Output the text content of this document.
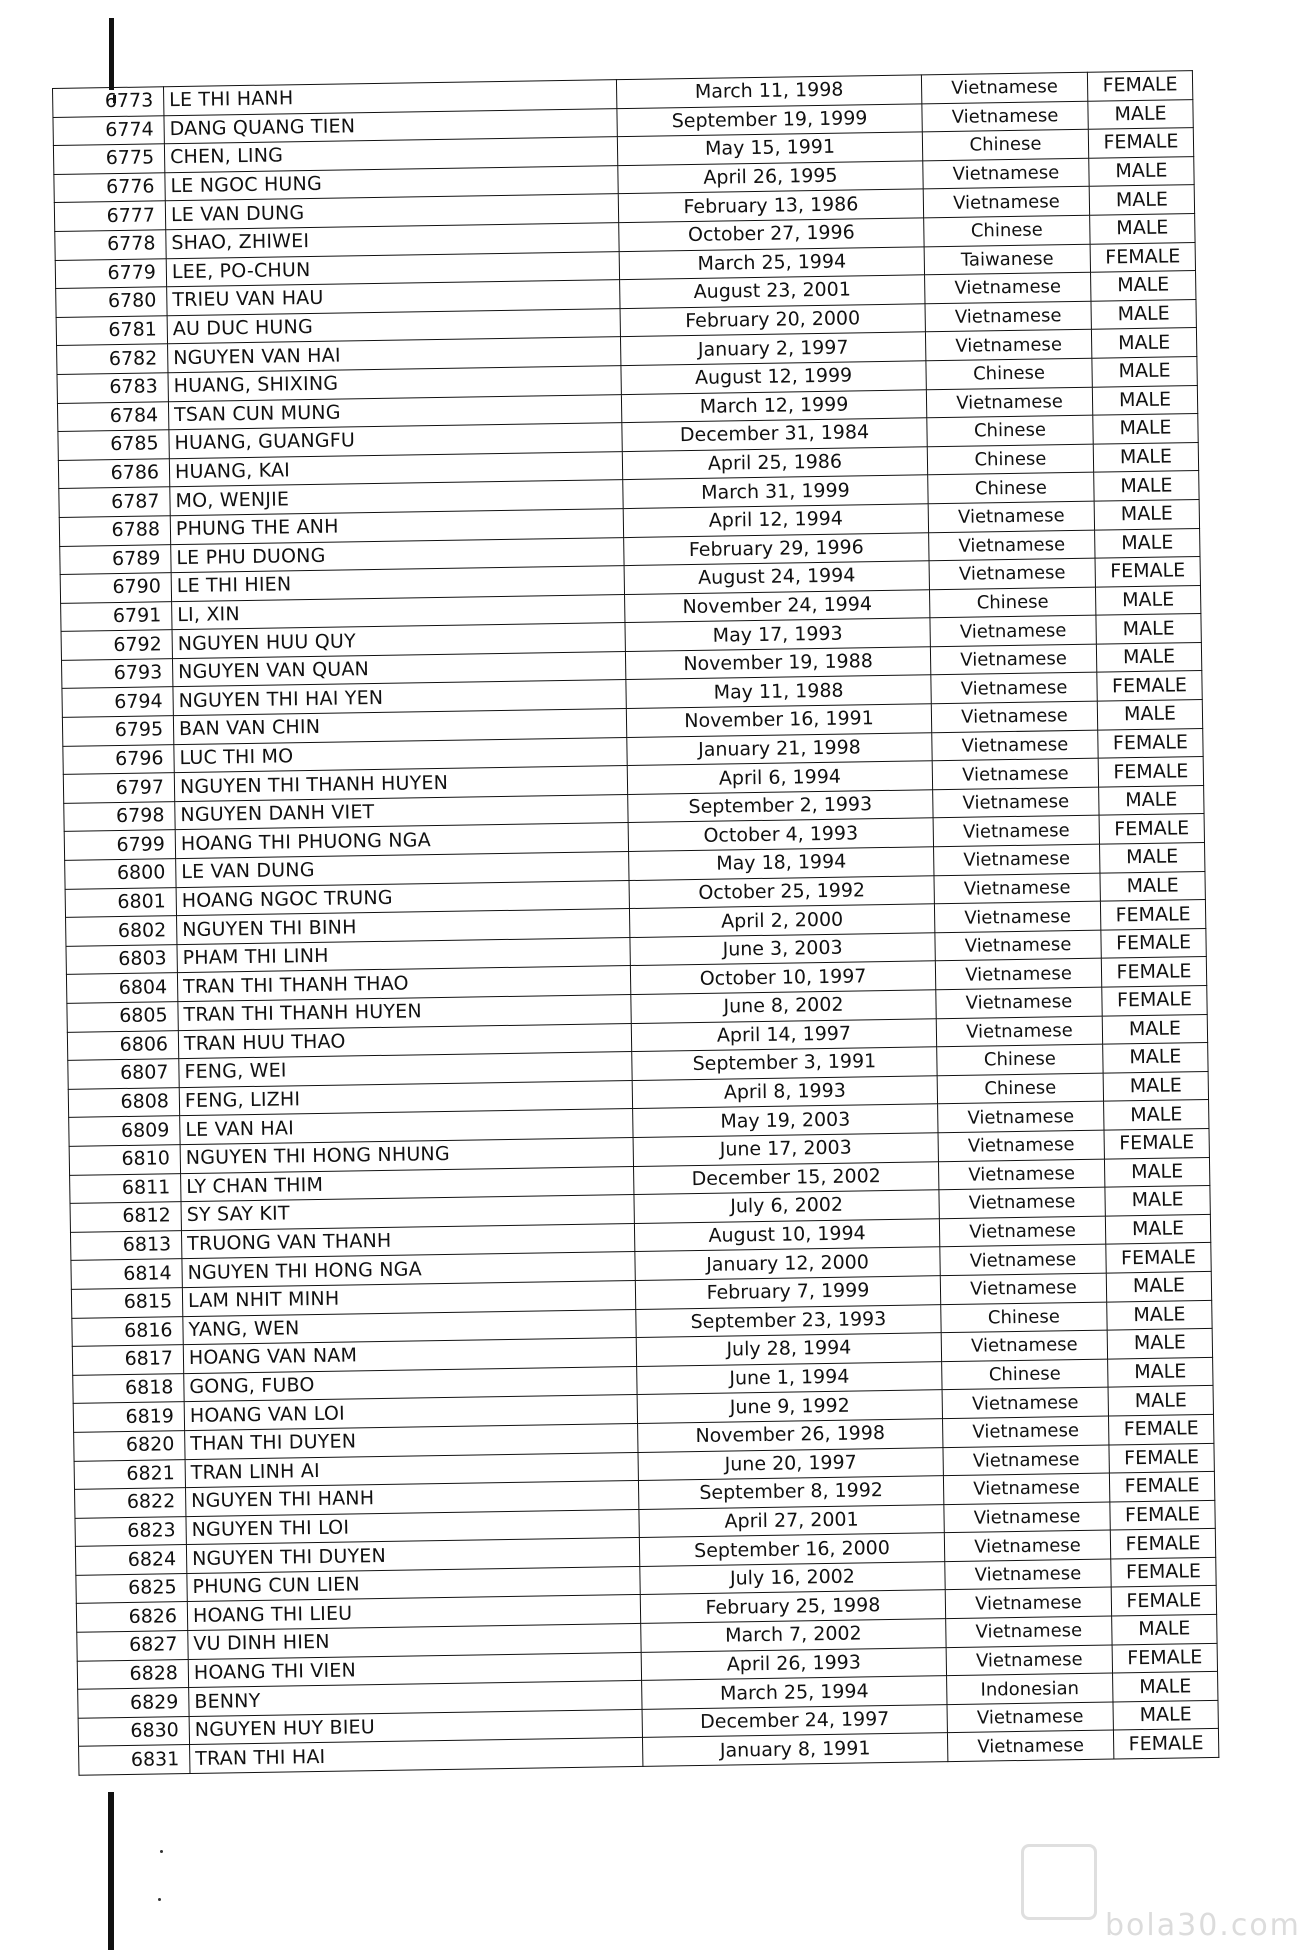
6773	LE THI HANH	March 11, 1998	Vietnamese	FEMALE
6774	DANG QUANG TIEN	September 19, 1999	Vietnamese	MALE
6775	CHEN, LING	May 15, 1991	Chinese	FEMALE
6776	LE NGOC HUNG	April 26, 1995	Vietnamese	MALE
6777	LE VAN DUNG	February 13, 1986	Vietnamese	MALE
6778	SHAO, ZHIWEI	October 27, 1996	Chinese	MALE
6779	LEE, PO-CHUN	March 25, 1994	Taiwanese	FEMALE
6780	TRIEU VAN HAU	August 23, 2001	Vietnamese	MALE
6781	AU DUC HUNG	February 20, 2000	Vietnamese	MALE
6782	NGUYEN VAN HAI	January 2, 1997	Vietnamese	MALE
6783	HUANG, SHIXING	August 12, 1999	Chinese	MALE
6784	TSAN CUN MUNG	March 12, 1999	Vietnamese	MALE
6785	HUANG, GUANGFU	December 31, 1984	Chinese	MALE
6786	HUANG, KAI	April 25, 1986	Chinese	MALE
6787	MO, WENJIE	March 31, 1999	Chinese	MALE
6788	PHUNG THE ANH	April 12, 1994	Vietnamese	MALE
6789	LE PHU DUONG	February 29, 1996	Vietnamese	MALE
6790	LE THI HIEN	August 24, 1994	Vietnamese	FEMALE
6791	LI, XIN	November 24, 1994	Chinese	MALE
6792	NGUYEN HUU QUY	May 17, 1993	Vietnamese	MALE
6793	NGUYEN VAN QUAN	November 19, 1988	Vietnamese	MALE
6794	NGUYEN THI HAI YEN	May 11, 1988	Vietnamese	FEMALE
6795	BAN VAN CHIN	November 16, 1991	Vietnamese	MALE
6796	LUC THI MO	January 21, 1998	Vietnamese	FEMALE
6797	NGUYEN THI THANH HUYEN	April 6, 1994	Vietnamese	FEMALE
6798	NGUYEN DANH VIET	September 2, 1993	Vietnamese	MALE
6799	HOANG THI PHUONG NGA	October 4, 1993	Vietnamese	FEMALE
6800	LE VAN DUNG	May 18, 1994	Vietnamese	MALE
6801	HOANG NGOC TRUNG	October 25, 1992	Vietnamese	MALE
6802	NGUYEN THI BINH	April 2, 2000	Vietnamese	FEMALE
6803	PHAM THI LINH	June 3, 2003	Vietnamese	FEMALE
6804	TRAN THI THANH THAO	October 10, 1997	Vietnamese	FEMALE
6805	TRAN THI THANH HUYEN	June 8, 2002	Vietnamese	FEMALE
6806	TRAN HUU THAO	April 14, 1997	Vietnamese	MALE
6807	FENG, WEI	September 3, 1991	Chinese	MALE
6808	FENG, LIZHI	April 8, 1993	Chinese	MALE
6809	LE VAN HAI	May 19, 2003	Vietnamese	MALE
6810	NGUYEN THI HONG NHUNG	June 17, 2003	Vietnamese	FEMALE
6811	LY CHAN THIM	December 15, 2002	Vietnamese	MALE
6812	SY SAY KIT	July 6, 2002	Vietnamese	MALE
6813	TRUONG VAN THANH	August 10, 1994	Vietnamese	MALE
6814	NGUYEN THI HONG NGA	January 12, 2000	Vietnamese	FEMALE
6815	LAM NHIT MINH	February 7, 1999	Vietnamese	MALE
6816	YANG, WEN	September 23, 1993	Chinese	MALE
6817	HOANG VAN NAM	July 28, 1994	Vietnamese	MALE
6818	GONG, FUBO	June 1, 1994	Chinese	MALE
6819	HOANG VAN LOI	June 9, 1992	Vietnamese	MALE
6820	THAN THI DUYEN	November 26, 1998	Vietnamese	FEMALE
6821	TRAN LINH AI	June 20, 1997	Vietnamese	FEMALE
6822	NGUYEN THI HANH	September 8, 1992	Vietnamese	FEMALE
6823	NGUYEN THI LOI	April 27, 2001	Vietnamese	FEMALE
6824	NGUYEN THI DUYEN	September 16, 2000	Vietnamese	FEMALE
6825	PHUNG CUN LIEN	July 16, 2002	Vietnamese	FEMALE
6826	HOANG THI LIEU	February 25, 1998	Vietnamese	FEMALE
6827	VU DINH HIEN	March 7, 2002	Vietnamese	MALE
6828	HOANG THI VIEN	April 26, 1993	Vietnamese	FEMALE
6829	BENNY	March 25, 1994	Indonesian	MALE
6830	NGUYEN HUY BIEU	December 24, 1997	Vietnamese	MALE
6831	TRAN THI HAI	January 8, 1991	Vietnamese	FEMALE
bola30.com
